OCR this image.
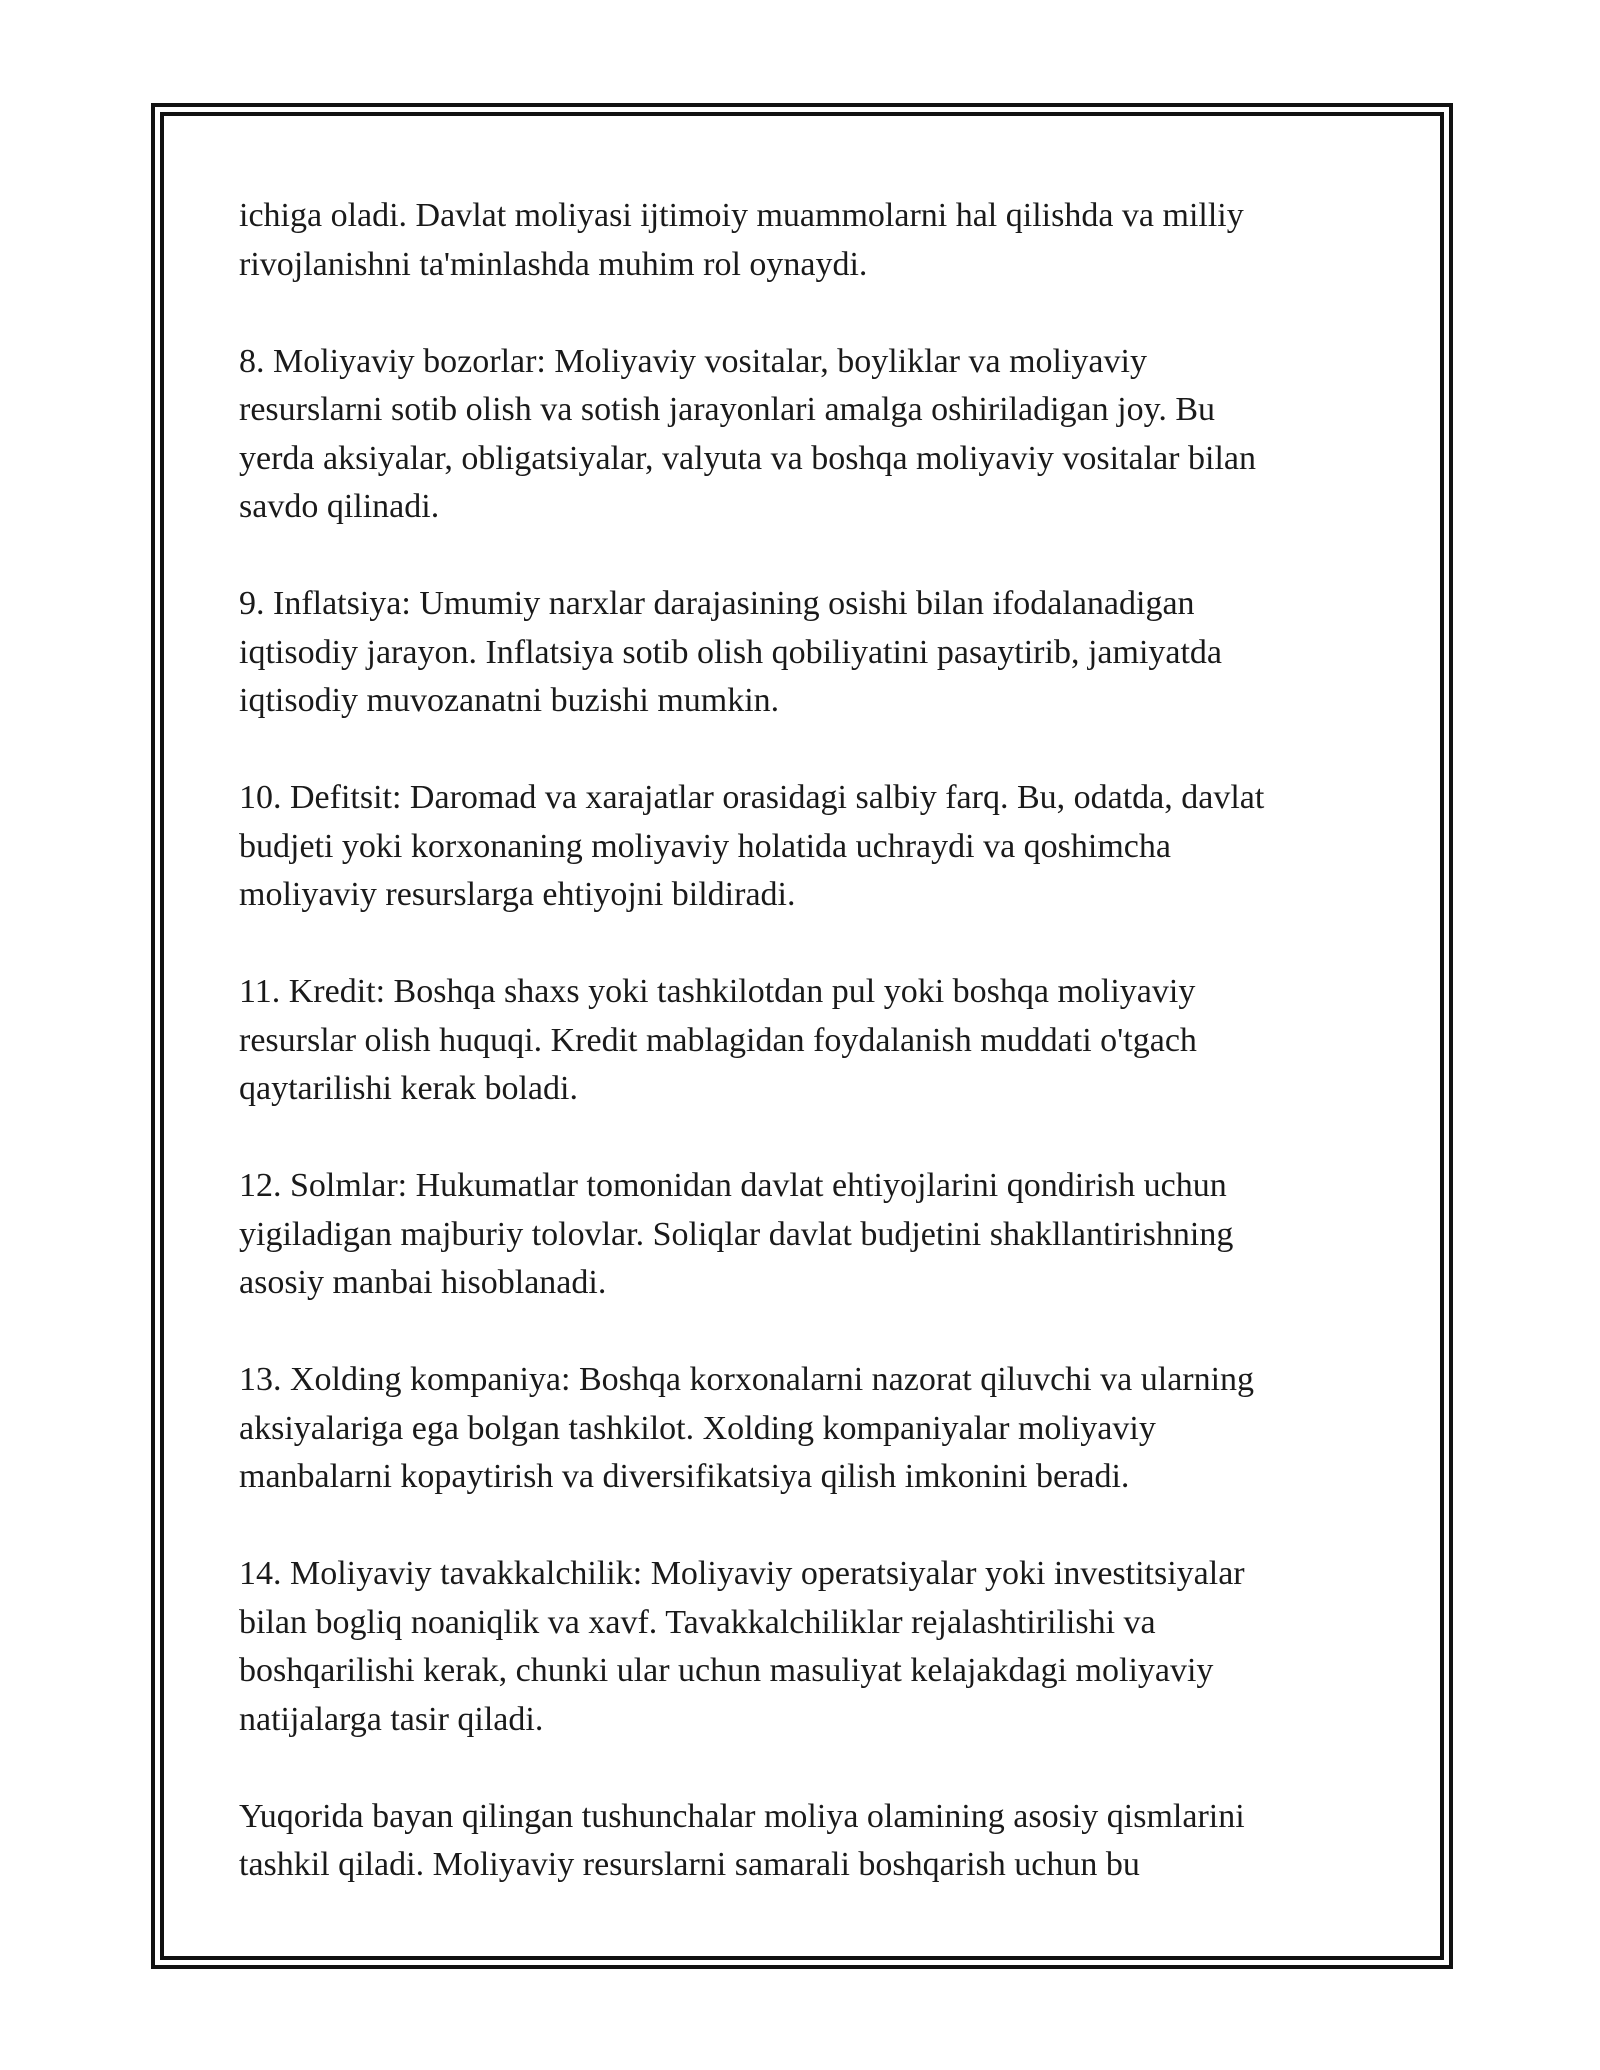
ichiga oladi. Davlat moliyasi ijtimoiy muammolarni hal qilishda va milliy
rivojlanishni ta'minlashda muhim rol oynaydi.

8. Moliyaviy bozorlar: Moliyaviy vositalar, boyliklar va moliyaviy
resurslarni sotib olish va sotish jarayonlari amalga oshiriladigan joy. Bu
yerda aksiyalar, obligatsiyalar, valyuta va boshqa moliyaviy vositalar bilan
savdo qilinadi.

9. Inflatsiya: Umumiy narxlar darajasining osishi bilan ifodalanadigan
iqtisodiy jarayon. Inflatsiya sotib olish qobiliyatini pasaytirib, jamiyatda
iqtisodiy muvozanatni buzishi mumkin.

10. Defitsit: Daromad va xarajatlar orasidagi salbiy farq. Bu, odatda, davlat
budjeti yoki korxonaning moliyaviy holatida uchraydi va qoshimcha
moliyaviy resurslarga ehtiyojni bildiradi.

11. Kredit: Boshqa shaxs yoki tashkilotdan pul yoki boshqa moliyaviy
resurslar olish huquqi. Kredit mablagidan foydalanish muddati o'tgach
qaytarilishi kerak boladi.

12. Solmlar: Hukumatlar tomonidan davlat ehtiyojlarini qondirish uchun
yigiladigan majburiy tolovlar. Soliqlar davlat budjetini shakllantirishning
asosiy manbai hisoblanadi.

13. Xolding kompaniya: Boshqa korxonalarni nazorat qiluvchi va ularning
aksiyalariga ega bolgan tashkilot. Xolding kompaniyalar moliyaviy
manbalarni kopaytirish va diversifikatsiya qilish imkonini beradi.

14. Moliyaviy tavakkalchilik: Moliyaviy operatsiyalar yoki investitsiyalar
bilan bogliq noaniqlik va xavf. Tavakkalchiliklar rejalashtirilishi va
boshqarilishi kerak, chunki ular uchun masuliyat kelajakdagi moliyaviy
natijalarga tasir qiladi.

Yuqorida bayan qilingan tushunchalar moliya olamining asosiy qismlarini
tashkil qiladi. Moliyaviy resurslarni samarali boshqarish uchun bu
